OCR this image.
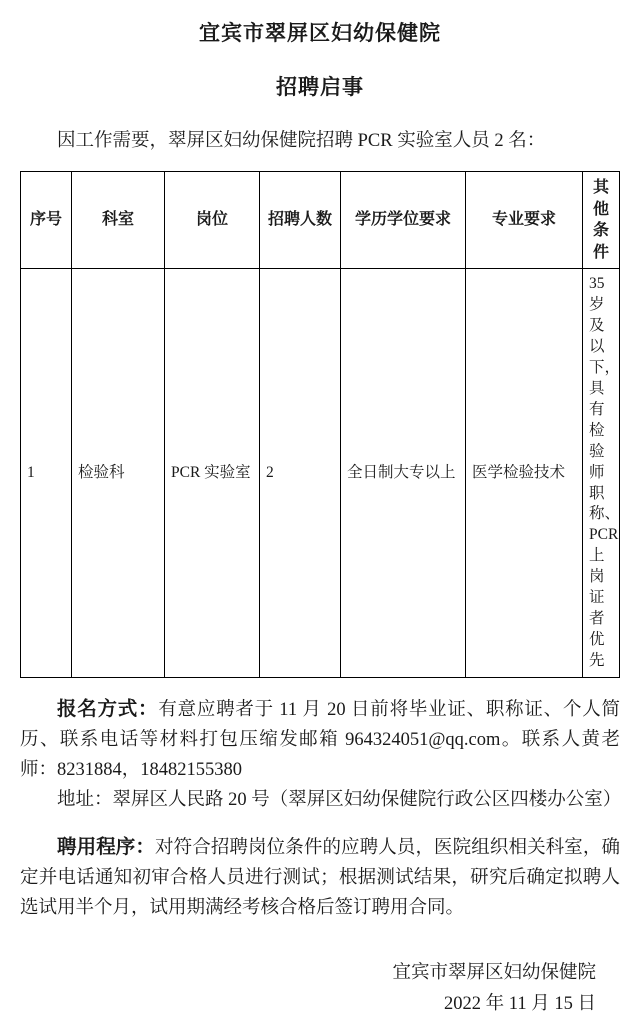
宜宾市翠屏区妇幼保健院
招聘启事

因工作需要，翠屏区妇幼保健院招聘 PCR 实验室人员 2 名：

序号	科室	岗位	招聘人数	学历学位要求	专业要求	其他条件
1	检验科	PCR 实验室	2	全日制大专以上	医学检验技术	35 岁及以下，具有检验师职称、PCR 上岗证者优先

报名方式：有意应聘者于 11 月 20 日前将毕业证、职称证、个人简历、联系电话等材料打包压缩发邮箱 964324051@qq.com。联系人黄老师：8231884，18482155380

地址：翠屏区人民路 20 号（翠屏区妇幼保健院行政公区四楼办公室）

聘用程序：对符合招聘岗位条件的应聘人员，医院组织相关科室，确定并电话通知初审合格人员进行测试；根据测试结果，研究后确定拟聘人选试用半个月，试用期满经考核合格后签订聘用合同。

宜宾市翠屏区妇幼保健院
2022 年 11 月 15 日
